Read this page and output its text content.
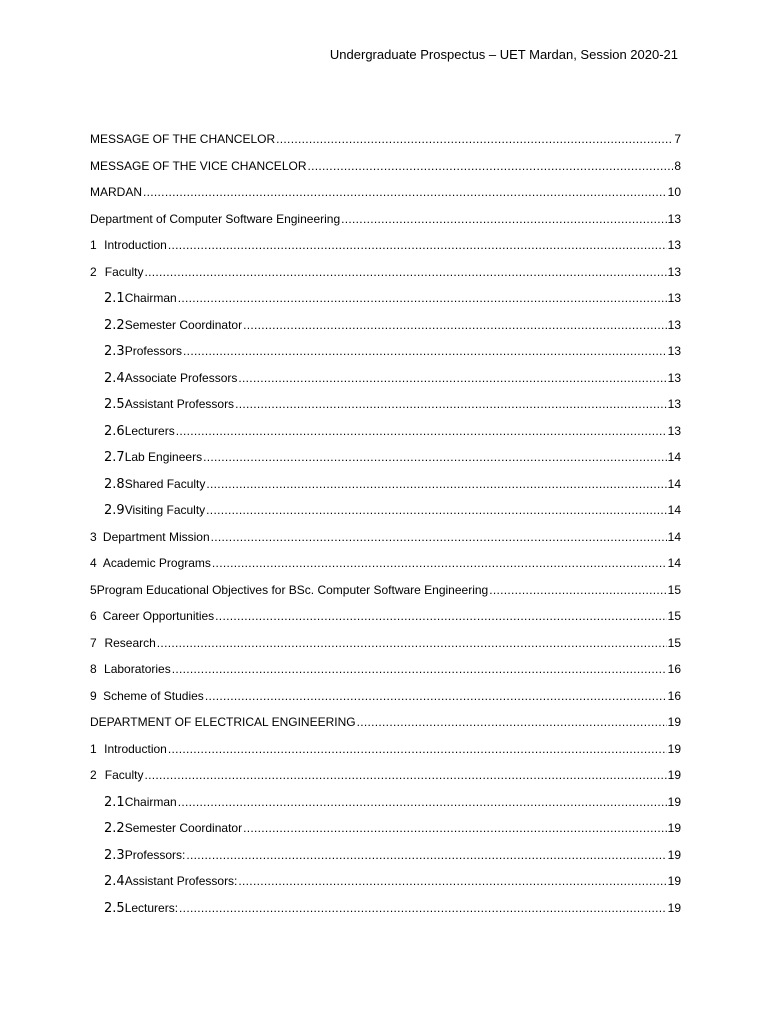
Undergraduate Prospectus – UET Mardan, Session 2020-21
MESSAGE OF THE CHANCELOR .....	7
MESSAGE OF THE VICE CHANCELOR .....	8
MARDAN .....	10
Department of Computer Software Engineering .....	13
1 Introduction .....	13
2 Faculty .....	13
2.1 Chairman .....	13
2.2 Semester Coordinator .....	13
2.3 Professors .....	13
2.4 Associate Professors .....	13
2.5 Assistant Professors .....	13
2.6 Lecturers .....	13
2.7 Lab Engineers .....	14
2.8 Shared Faculty .....	14
2.9 Visiting Faculty .....	14
3 Department Mission .....	14
4 Academic Programs .....	14
5 Program Educational Objectives for BSc. Computer Software Engineering .....	15
6 Career Opportunities .....	15
7 Research .....	15
8 Laboratories .....	16
9 Scheme of Studies .....	16
DEPARTMENT OF ELECTRICAL ENGINEERING .....	19
1 Introduction .....	19
2 Faculty .....	19
2.1 Chairman .....	19
2.2 Semester Coordinator .....	19
2.3 Professors: .....	19
2.4 Assistant Professors: .....	19
2.5 Lecturers: .....	19
